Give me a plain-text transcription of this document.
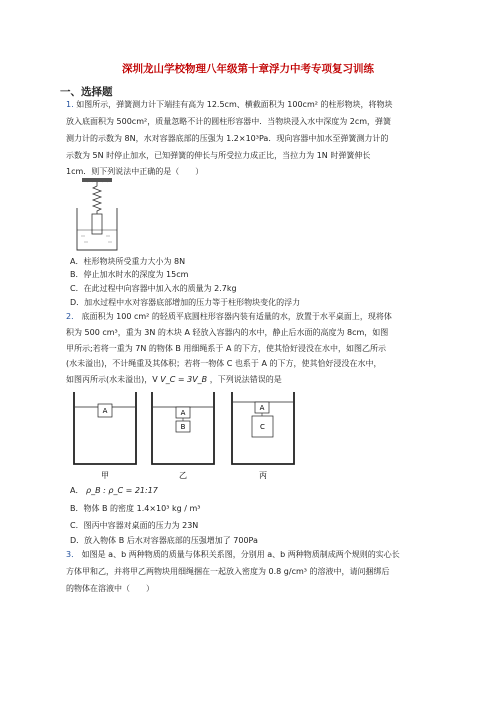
深圳龙山学校物理八年级第十章浮力中考专项复习训练
一、选择题
1. 如图所示，弹簧测力计下端挂有高为 12.5cm、横截面积为 100cm² 的柱形物块，将物块
放入底面积为 500cm²，质量忽略不计的圆柱形容器中．当物块浸入水中深度为 2cm，弹簧
测力计的示数为 8N，水对容器底部的压强为 1.2×10³Pa．现向容器中加水至弹簧测力计的
示数为 5N 时停止加水，已知弹簧的伸长与所受拉力成正比，当拉力为 1N 时弹簧伸长
1cm．则下列说法中正确的是（　　）
A．柱形物块所受重力大小为 8N
B．停止加水时水的深度为 15cm
C．在此过程中向容器中加入水的质量为 2.7kg
D．加水过程中水对容器底部增加的压力等于柱形物块变化的浮力
2． 底面积为 100 cm² 的轻质平底圆柱形容器内装有适量的水，放置于水平桌面上，现将体
积为 500 cm³，重为 3N 的木块 A 轻放入容器内的水中，静止后水面的高度为 8cm，如图
甲所示;若将一重为 7N 的物体 B 用细绳系于 A 的下方，使其恰好浸没在水中，如图乙所示
(水未溢出)，不计绳重及其体积；若将一物体 C 也系于 A 的下方，使其恰好浸没在水中，
如图丙所示(水未溢出)，V V_C = 3V_B ，下列说法错误的是
A
甲
A
B
乙
A
C
丙
A． ρ_B : ρ_C = 21:17
B．物体 B 的密度 1.4×10³ kg / m³
C．图丙中容器对桌面的压力为 23N
D．放入物体 B 后水对容器底部的压强增加了 700Pa
3． 如图是 a、b 两种物质的质量与体积关系图，分别用 a、b 两种物质制成两个规则的实心长
方体甲和乙，并将甲乙两物块用细绳捆在一起放入密度为 0.8 g/cm³ 的溶液中，请问捆绑后
的物体在溶液中（　　）
